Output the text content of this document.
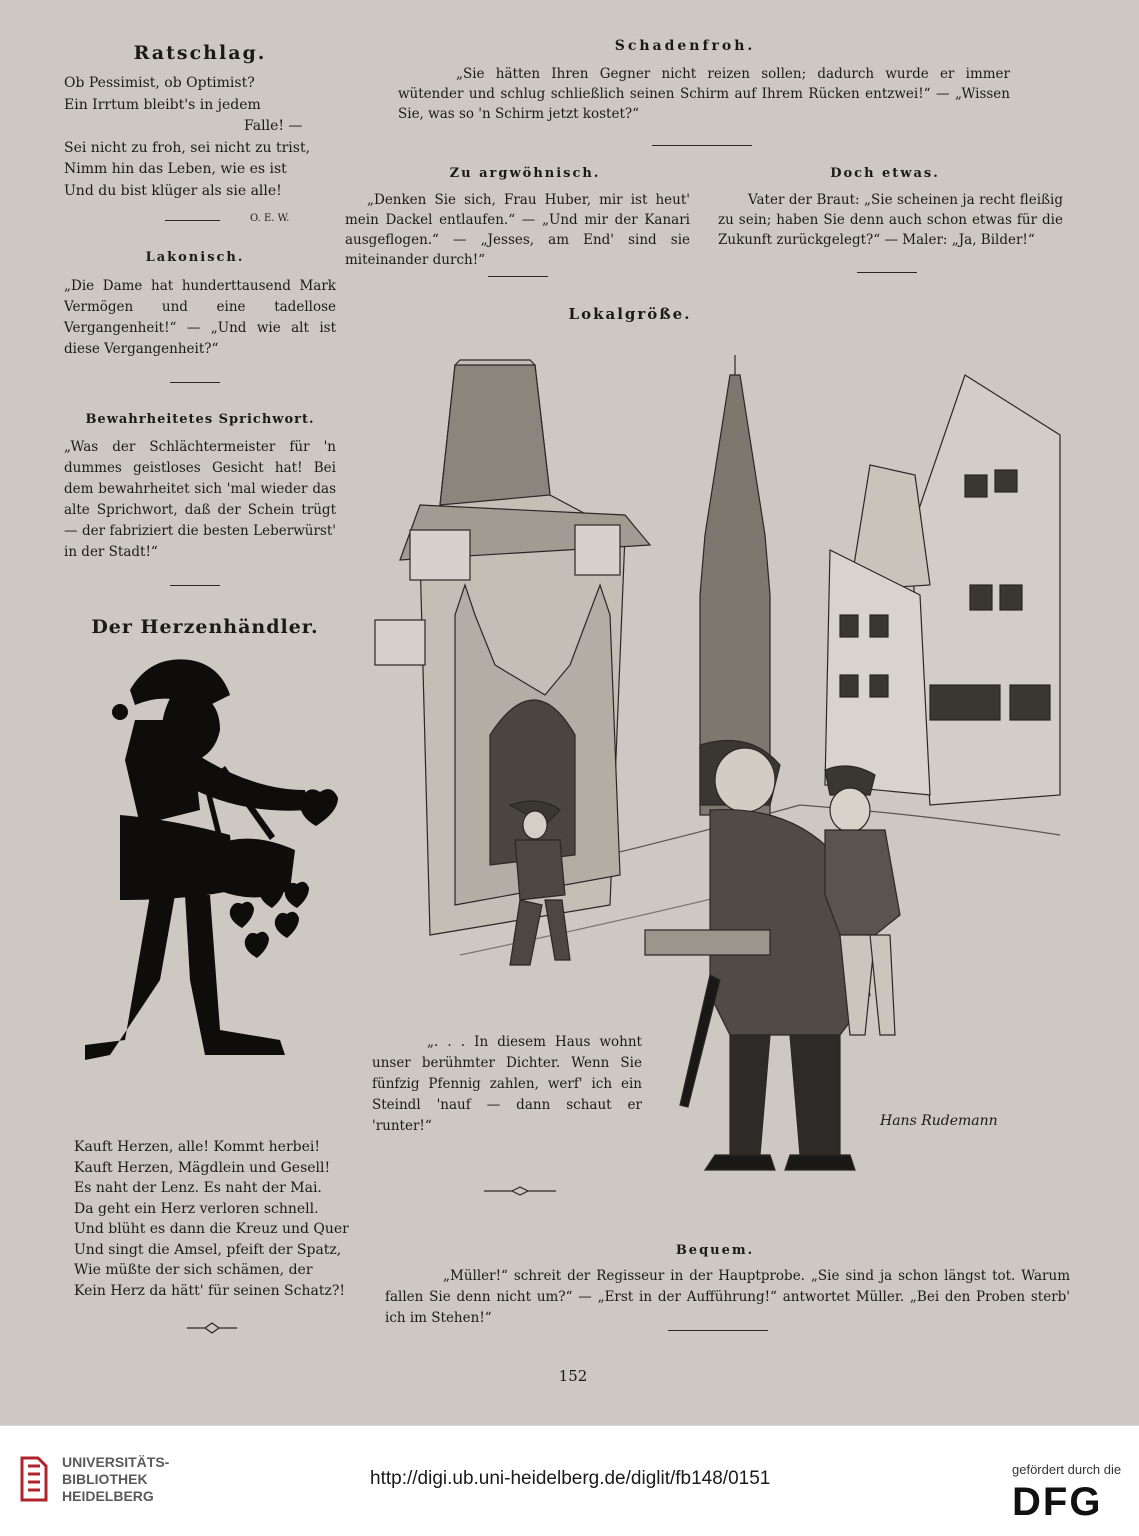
Ratschlag.
Ob Pessimist, ob Optimist?
Ein Irrtum bleibt's in jedem
Falle! —
Sei nicht zu froh, sei nicht zu trist,
Nimm hin das Leben, wie es ist
Und du bist klüger als sie alle!
O. E. W.
Lakonisch.
„Die Dame hat hunderttausend Mark Vermögen und eine tadellose Vergangenheit!“ — „Und wie alt ist diese Vergangenheit?“
Bewahrheitetes Sprichwort.
„Was der Schlächtermeister für 'n dummes geistloses Gesicht hat! Bei dem bewahrheitet sich 'mal wieder das alte Sprichwort, daß der Schein trügt — der fabriziert die besten Leberwürst' in der Stadt!“
Der Herzenhändler.
Kauft Herzen, alle! Kommt herbei!
Kauft Herzen, Mägdlein und Gesell!
Es naht der Lenz. Es naht der Mai.
Da geht ein Herz verloren schnell.
Und blüht es dann die Kreuz und Quer
Und singt die Amsel, pfeift der Spatz,
Wie müßte der sich schämen, der
Kein Herz da hätt' für seinen Schatz?!
Schadenfroh.
„Sie hätten Ihren Gegner nicht reizen sollen; dadurch wurde er immer wütender und schlug schließlich seinen Schirm auf Ihrem Rücken entzwei!“ — „Wissen Sie, was so 'n Schirm jetzt kostet?“
Zu argwöhnisch.
„Denken Sie sich, Frau Huber, mir ist heut' mein Dackel entlaufen.“ — „Und mir der Kanari ausgeflogen.“ — „Jesses, am End' sind sie miteinander durch!“
Doch etwas.
Vater der Braut: „Sie scheinen ja recht fleißig zu sein; haben Sie denn auch schon etwas für die Zukunft zurückgelegt?“ — Maler: „Ja, Bilder!“
Lokalgröße.
Hans Rudemann
„. . . In diesem Haus wohnt unser berühmter Dichter. Wenn Sie fünfzig Pfennig zahlen, werf' ich ein Steindl 'nauf — dann schaut er 'runter!“
Bequem.
„Müller!“ schreit der Regisseur in der Hauptprobe. „Sie sind ja schon längst tot. Warum fallen Sie denn nicht um?“ — „Erst in der Aufführung!“ antwortet Müller. „Bei den Proben sterb' ich im Stehen!“
152
UNIVERSITÄTS-
BIBLIOTHEK
HEIDELBERG
http://digi.ub.uni-heidelberg.de/diglit/fb148/0151	gefördert durch die
DFG
